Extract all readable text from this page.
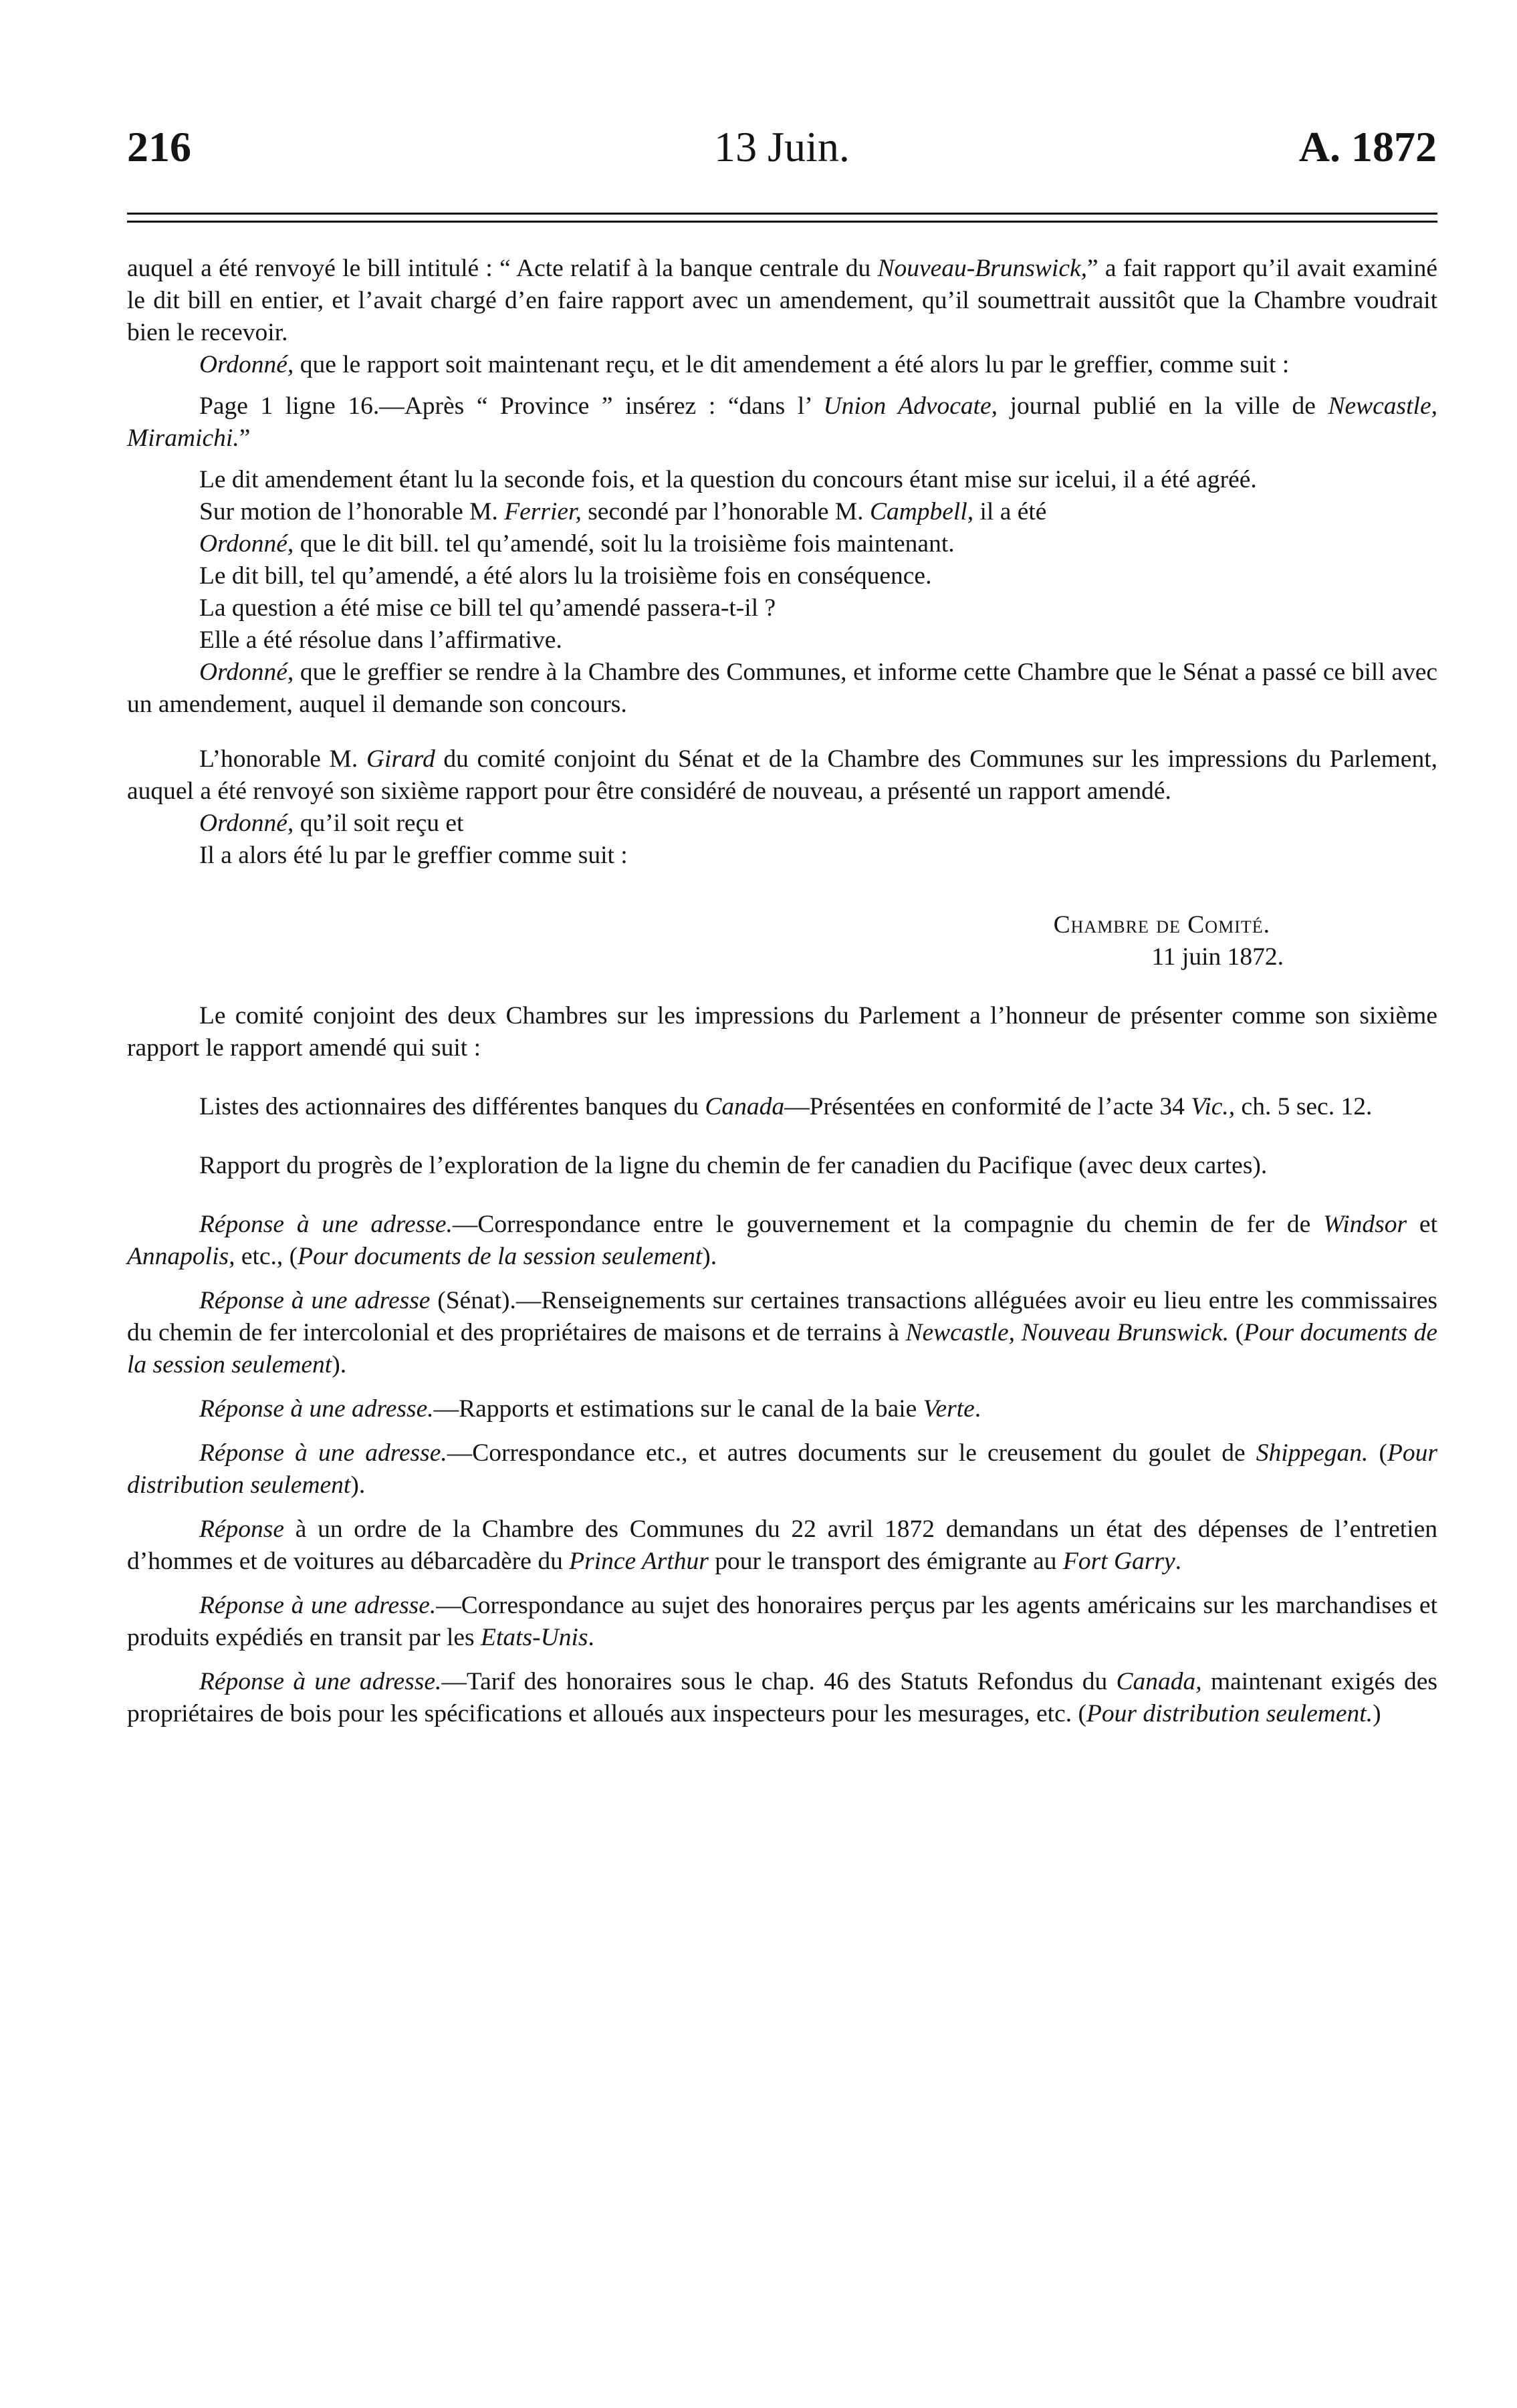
216	13 Juin.	A. 1872

auquel a été renvoyé le bill intitulé : “ Acte relatif à la banque centrale du Nouveau-Brunswick,” a fait rapport qu’il avait examiné le dit bill en entier, et l’avait chargé d’en faire rapport avec un amendement, qu’il soumettrait aussitôt que la Chambre voudrait bien le recevoir.

Ordonné, que le rapport soit maintenant reçu, et le dit amendement a été alors lu par le greffier, comme suit :

Page 1 ligne 16.—Après “ Province ” insérez : “dans l’ Union Advocate, journal publié en la ville de Newcastle, Miramichi.”

Le dit amendement étant lu la seconde fois, et la question du concours étant mise sur icelui, il a été agréé.

Sur motion de l’honorable M. Ferrier, secondé par l’honorable M. Campbell, il a été

Ordonné, que le dit bill. tel qu’amendé, soit lu la troisième fois maintenant.

Le dit bill, tel qu’amendé, a été alors lu la troisième fois en conséquence.

La question a été mise ce bill tel qu’amendé passera-t-il ?

Elle a été résolue dans l’affirmative.

Ordonné, que le greffier se rendre à la Chambre des Communes, et informe cette Chambre que le Sénat a passé ce bill avec un amendement, auquel il demande son concours.

L’honorable M. Girard du comité conjoint du Sénat et de la Chambre des Communes sur les impressions du Parlement, auquel a été renvoyé son sixième rapport pour être considéré de nouveau, a présenté un rapport amendé.

Ordonné, qu’il soit reçu et

Il a alors été lu par le greffier comme suit :

Chambre de Comité.

11 juin 1872.

Le comité conjoint des deux Chambres sur les impressions du Parlement a l’honneur de présenter comme son sixième rapport le rapport amendé qui suit :

Listes des actionnaires des différentes banques du Canada—Présentées en conformité de l’acte 34 Vic., ch. 5 sec. 12.

Rapport du progrès de l’exploration de la ligne du chemin de fer canadien du Pacifique (avec deux cartes).

Réponse à une adresse.—Correspondance entre le gouvernement et la compagnie du chemin de fer de Windsor et Annapolis, etc., (Pour documents de la session seulement).

Réponse à une adresse (Sénat).—Renseignements sur certaines transactions alléguées avoir eu lieu entre les commissaires du chemin de fer intercolonial et des propriétaires de maisons et de terrains à Newcastle, Nouveau Brunswick. (Pour documents de la session seulement).

Réponse à une adresse.—Rapports et estimations sur le canal de la baie Verte.

Réponse à une adresse.—Correspondance etc., et autres documents sur le creusement du goulet de Shippegan. (Pour distribution seulement).

Réponse à un ordre de la Chambre des Communes du 22 avril 1872 demandans un état des dépenses de l’entretien d’hommes et de voitures au débarcadère du Prince Arthur pour le transport des émigrante au Fort Garry.

Réponse à une adresse.—Correspondance au sujet des honoraires perçus par les agents américains sur les marchandises et produits expédiés en transit par les Etats-Unis.

Réponse à une adresse.—Tarif des honoraires sous le chap. 46 des Statuts Refondus du Canada, maintenant exigés des propriétaires de bois pour les spécifications et alloués aux inspecteurs pour les mesurages, etc. (Pour distribution seulement.)
